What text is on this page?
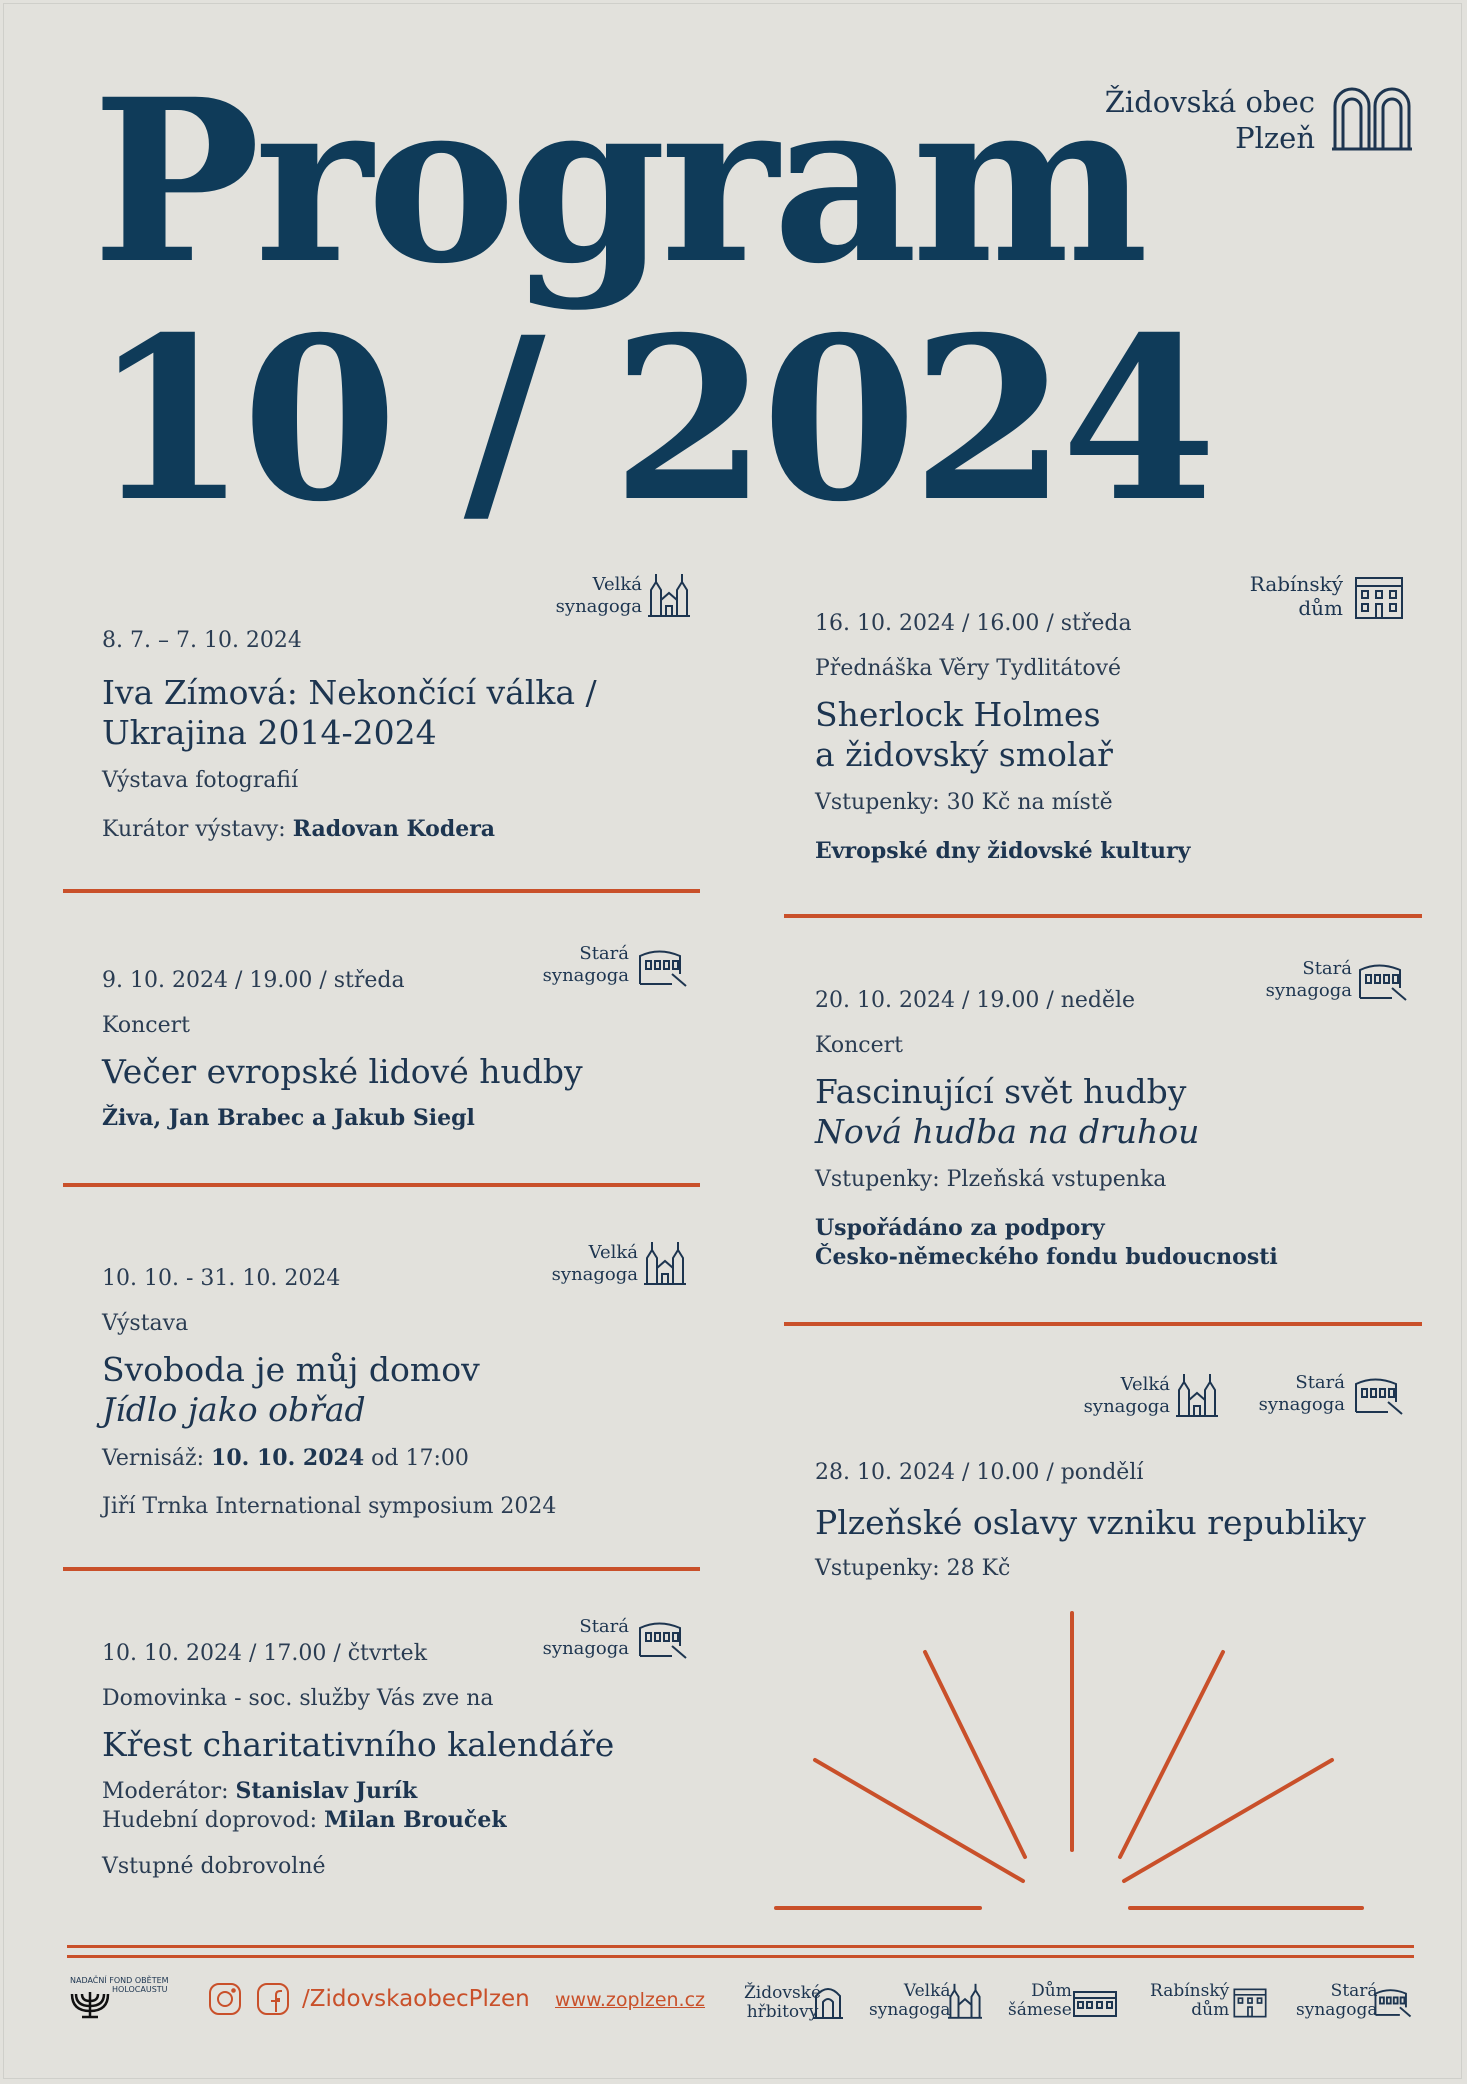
Program
10 / 2024
Židovská obec
Plzeň
Velká
synagoga
8. 7. – 7. 10. 2024
Iva Zímová: Nekončící válka /
Ukrajina 2014-2024
Výstava fotografií
Kurátor výstavy: Radovan Kodera
Stará
synagoga
9. 10. 2024 / 19.00 / středa
Koncert
Večer evropské lidové hudby
Živa, Jan Brabec a Jakub Siegl
Velká
synagoga
10. 10. - 31. 10. 2024
Výstava
Svoboda je můj domov
Jídlo jako obřad
Vernisáž: 10. 10. 2024 od 17:00
Jiří Trnka International symposium 2024
Stará
synagoga
10. 10. 2024 / 17.00 / čtvrtek
Domovinka - soc. služby Vás zve na
Křest charitativního kalendáře
Moderátor: Stanislav Jurík
Hudební doprovod: Milan Brouček
Vstupné dobrovolné
Rabínský
dům
16. 10. 2024 / 16.00 / středa
Přednáška Věry Tydlitátové
Sherlock Holmes
a židovský smolař
Vstupenky: 30 Kč na místě
Evropské dny židovské kultury
Stará
synagoga
20. 10. 2024 / 19.00 / neděle
Koncert
Fascinující svět hudby
Nová hudba na druhou
Vstupenky: Plzeňská vstupenka
Uspořádáno za podpory
Česko-německého fondu budoucnosti
Velká
synagoga
Stará
synagoga
28. 10. 2024 / 10.00 / pondělí
Plzeňské oslavy vzniku republiky
Vstupenky: 28 Kč
NADAČNÍ FOND OBĚTEM
HOLOCAUSTU	/ZidovskaobecPlzen www.zoplzen.cz Židovské
hřbitovy
Velká
synagoga
Dům
šámese
Rabínský
dům
Stará
synagoga
